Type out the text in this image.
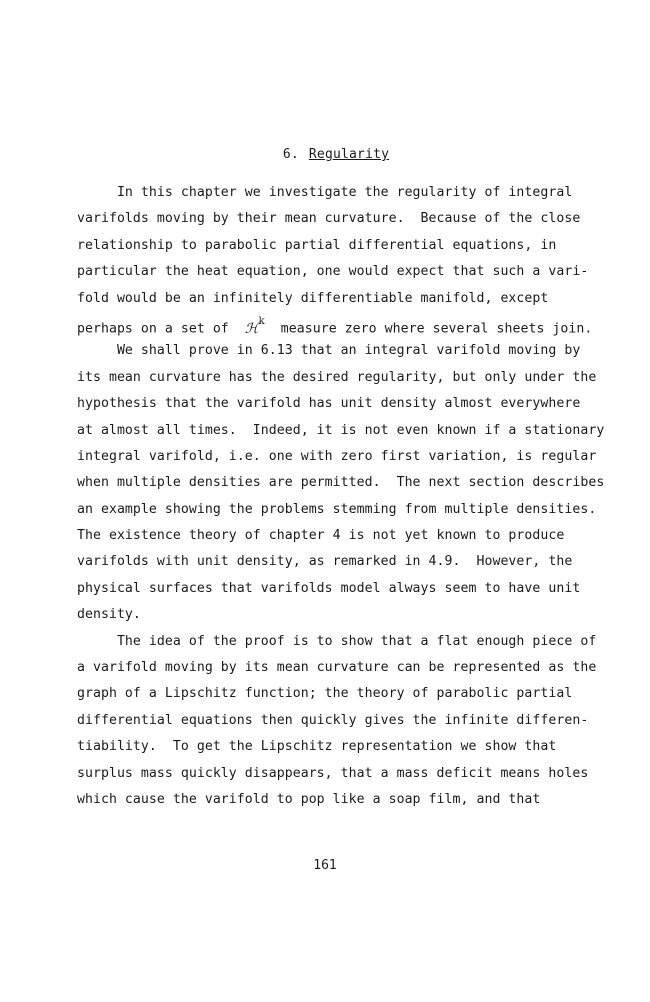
6. Regularity
In this chapter we investigate the regularity of integral
varifolds moving by their mean curvature.  Because of the close
relationship to parabolic partial differential equations, in
particular the heat equation, one would expect that such a vari-
fold would be an infinitely differentiable manifold, except
perhaps on a set of  ℋ$^k$  measure zero where several sheets join.
We shall prove in 6.13 that an integral varifold moving by
its mean curvature has the desired regularity, but only under the
hypothesis that the varifold has unit density almost everywhere
at almost all times.  Indeed, it is not even known if a stationary
integral varifold, i.e. one with zero first variation, is regular
when multiple densities are permitted.  The next section describes
an example showing the problems stemming from multiple densities.
The existence theory of chapter 4 is not yet known to produce
varifolds with unit density, as remarked in 4.9.  However, the
physical surfaces that varifolds model always seem to have unit
density.
The idea of the proof is to show that a flat enough piece of
a varifold moving by its mean curvature can be represented as the
graph of a Lipschitz function; the theory of parabolic partial
differential equations then quickly gives the infinite differen-
tiability.  To get the Lipschitz representation we show that
surplus mass quickly disappears, that a mass deficit means holes
which cause the varifold to pop like a soap film, and that
161
